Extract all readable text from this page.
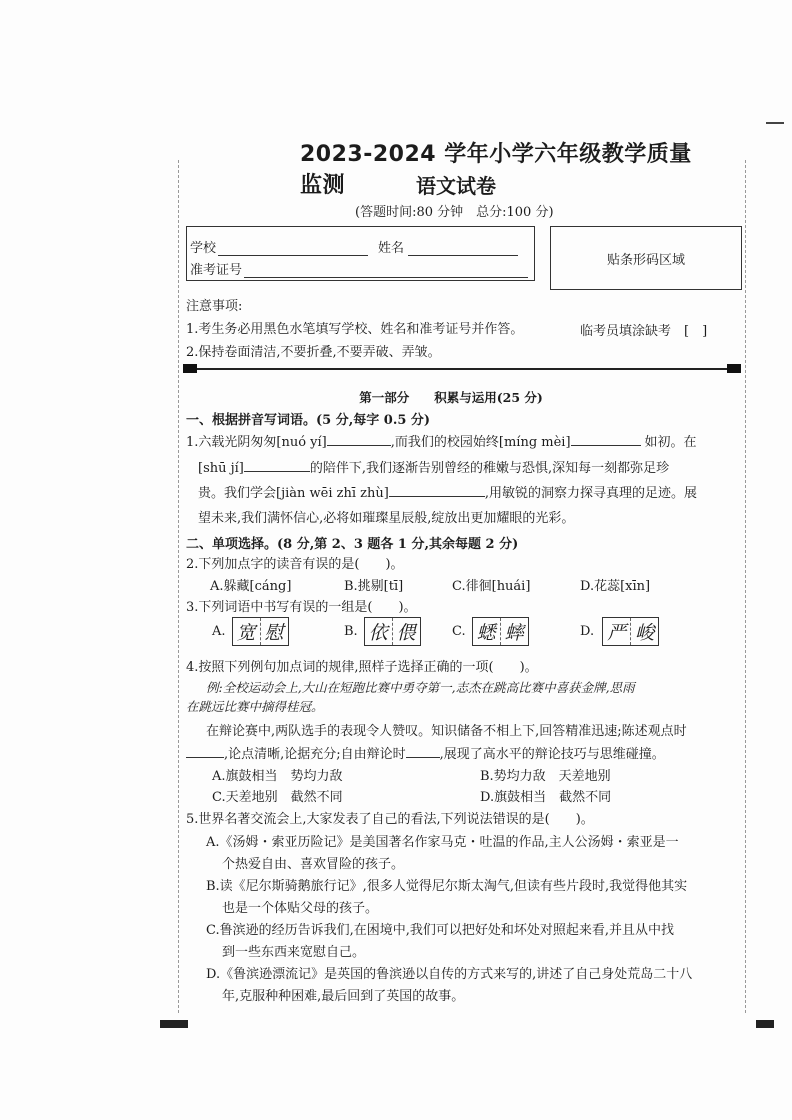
2023-2024 学年小学六年级教学质量监测	语文试卷
(答题时间:80 分钟　总分:100 分)
学校	姓名
准考证号
贴条形码区域
注意事项:
1.考生务必用黑色水笔填写学校、姓名和准考证号并作答。
2.保持卷面清洁,不要折叠,不要弄破、弄皱。
临考员填涂缺考　[　]
第一部分　　积累与运用(25 分)
一、根据拼音写词语。(5 分,每字 0.5 分)
1.六载光阴匆匆[nuó yí]	,而我们的校园始终[míng mèi]	如初。在
[shū jí]	的陪伴下,我们逐渐告别曾经的稚嫩与恐惧,深知每一刻都弥足珍
贵。我们学会[jiàn wēi zhī zhù]	,用敏锐的洞察力探寻真理的足迹。展
望未来,我们满怀信心,必将如璀璨星辰般,绽放出更加耀眼的光彩。
二、单项选择。(8 分,第 2、3 题各 1 分,其余每题 2 分)
2.下列加点字的读音有误的是(　　)。
A.躲藏[cáng]	B.挑剔[tī]	C.徘徊[huái]	D.花蕊[xīn]
3.下列词语中书写有误的一组是(　　)。
A. 宽 慰	B. 依 偎	C. 蟋 蟀	D. 严 峻
4.按照下列例句加点词的规律,照样子选择正确的一项(　　)。
例:全校运动会上,大山在短跑比赛中勇夺第一,志杰在跳高比赛中喜获金牌,思雨
在跳远比赛中摘得桂冠。
在辩论赛中,两队选手的表现令人赞叹。知识储备不相上下,回答精准迅速;陈述观点时
,论点清晰,论据充分;自由辩论时	,展现了高水平的辩论技巧与思维碰撞。
A.旗鼓相当　势均力敌	B.势均力敌　天差地别
C.天差地别　截然不同	D.旗鼓相当　截然不同
5.世界名著交流会上,大家发表了自己的看法,下列说法错误的是(　　)。
A.《汤姆・索亚历险记》是美国著名作家马克・吐温的作品,主人公汤姆・索亚是一
个热爱自由、喜欢冒险的孩子。
B.读《尼尔斯骑鹅旅行记》,很多人觉得尼尔斯太淘气,但读有些片段时,我觉得他其实
也是一个体贴父母的孩子。
C.鲁滨逊的经历告诉我们,在困境中,我们可以把好处和坏处对照起来看,并且从中找
到一些东西来宽慰自己。
D.《鲁滨逊漂流记》是英国的鲁滨逊以自传的方式来写的,讲述了自己身处荒岛二十八
年,克服种种困难,最后回到了英国的故事。
